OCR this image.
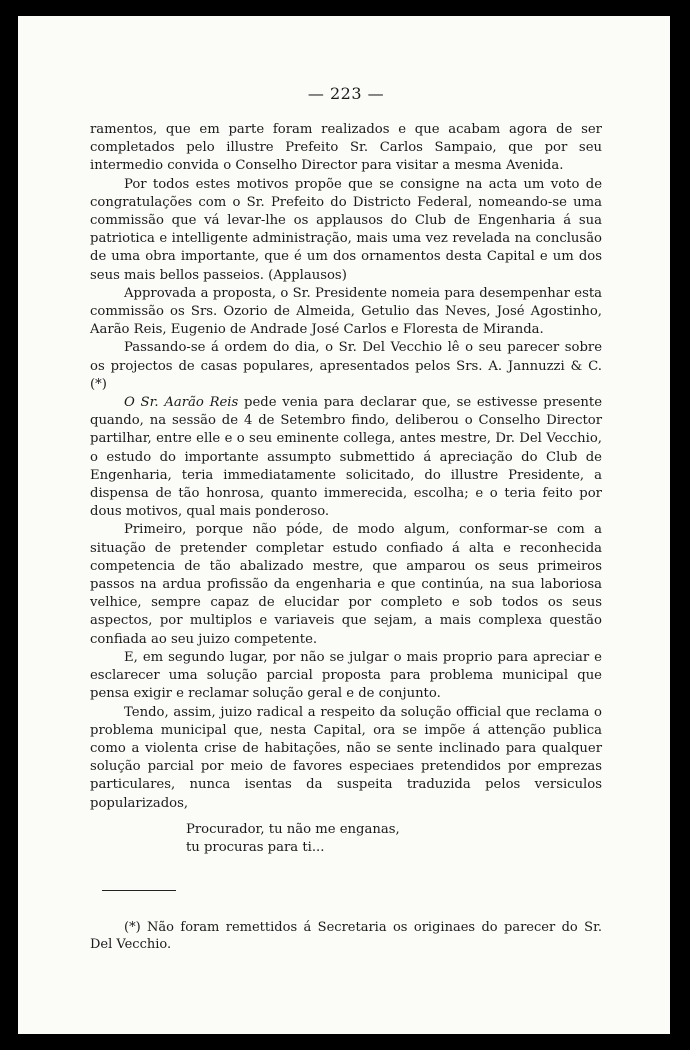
— 223 —

ramentos, que em parte foram realizados e que acabam agora de ser completados pelo illustre Prefeito Sr. Carlos Sampaio, que por seu intermedio convida o Conselho Director para visitar a mesma Avenida.

Por todos estes motivos propõe que se consigne na acta um voto de congratulações com o Sr. Prefeito do Districto Federal, nomeando-se uma commissão que vá levar-lhe os applausos do Club de Engenharia á sua patriotica e intelligente administração, mais uma vez revelada na conclusão de uma obra importante, que é um dos ornamentos desta Capital e um dos seus mais bellos passeios. (Applausos)

Approvada a proposta, o Sr. Presidente nomeia para desempenhar esta commissão os Srs. Ozorio de Almeida, Getulio das Neves, José Agostinho, Aarão Reis, Eugenio de Andrade José Carlos e Floresta de Miranda.

Passando-se á ordem do dia, o Sr. Del Vecchio lê o seu parecer sobre os projectos de casas populares, apresentados pelos Srs. A. Jannuzzi & C. (*)

O Sr. Aarão Reis pede venia para declarar que, se estivesse presente quando, na sessão de 4 de Setembro findo, deliberou o Conselho Director partilhar, entre elle e o seu eminente collega, antes mestre, Dr. Del Vecchio, o estudo do importante assumpto submettido á apreciação do Club de Engenharia, teria immediatamente solicitado, do illustre Presidente, a dispensa de tão honrosa, quanto immerecida, escolha; e o teria feito por dous motivos, qual mais ponderoso.

Primeiro, porque não póde, de modo algum, conformar-se com a situação de pretender completar estudo confiado á alta e reconhecida competencia de tão abalizado mestre, que amparou os seus primeiros passos na ardua profissão da engenharia e que continúa, na sua laboriosa velhice, sempre capaz de elucidar por completo e sob todos os seus aspectos, por multiplos e variaveis que sejam, a mais complexa questão confiada ao seu juizo competente.

E, em segundo lugar, por não se julgar o mais proprio para apreciar e esclarecer uma solução parcial proposta para problema municipal que pensa exigir e reclamar solução geral e de conjunto.

Tendo, assim, juizo radical a respeito da solução official que reclama o problema municipal que, nesta Capital, ora se impõe á attenção publica como a violenta crise de habitações, não se sente inclinado para qualquer solução parcial por meio de favores especiaes pretendidos por emprezas particulares, nunca isentas da suspeita traduzida pelos versiculos popularizados,

Procurador, tu não me enganas,
tu procuras para ti...

(*) Não foram remettidos á Secretaria os originaes do parecer do Sr. Del Vecchio.
